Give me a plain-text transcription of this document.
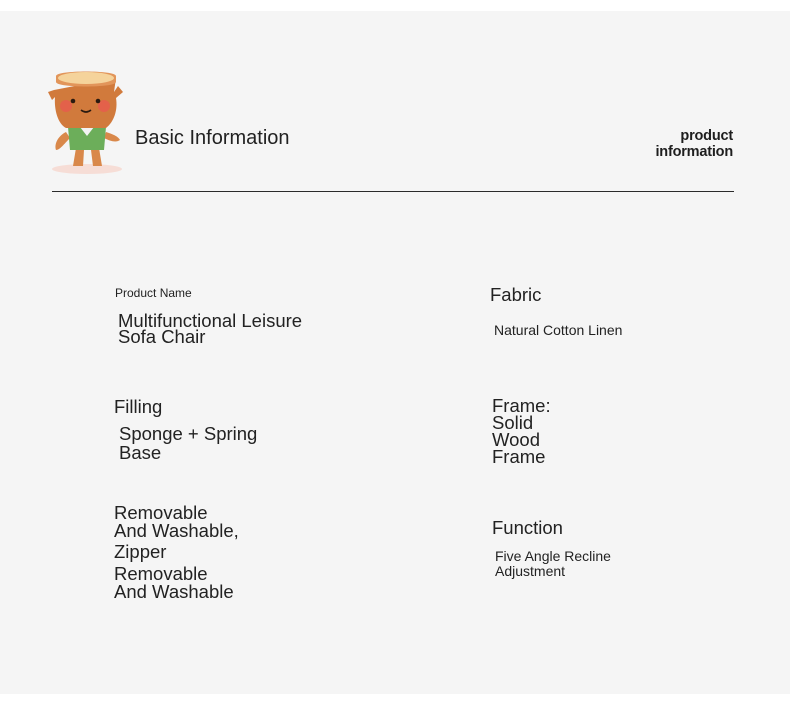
Basic Information	product
information
Product Name
Multifunctional Leisure
Sofa Chair
Fabric
Natural Cotton Linen
Filling
Sponge + Spring
Base
Frame:
Solid
Wood
Frame
Removable
And Washable,
Zipper
Removable
And Washable
Function
Five Angle Recline
Adjustment
